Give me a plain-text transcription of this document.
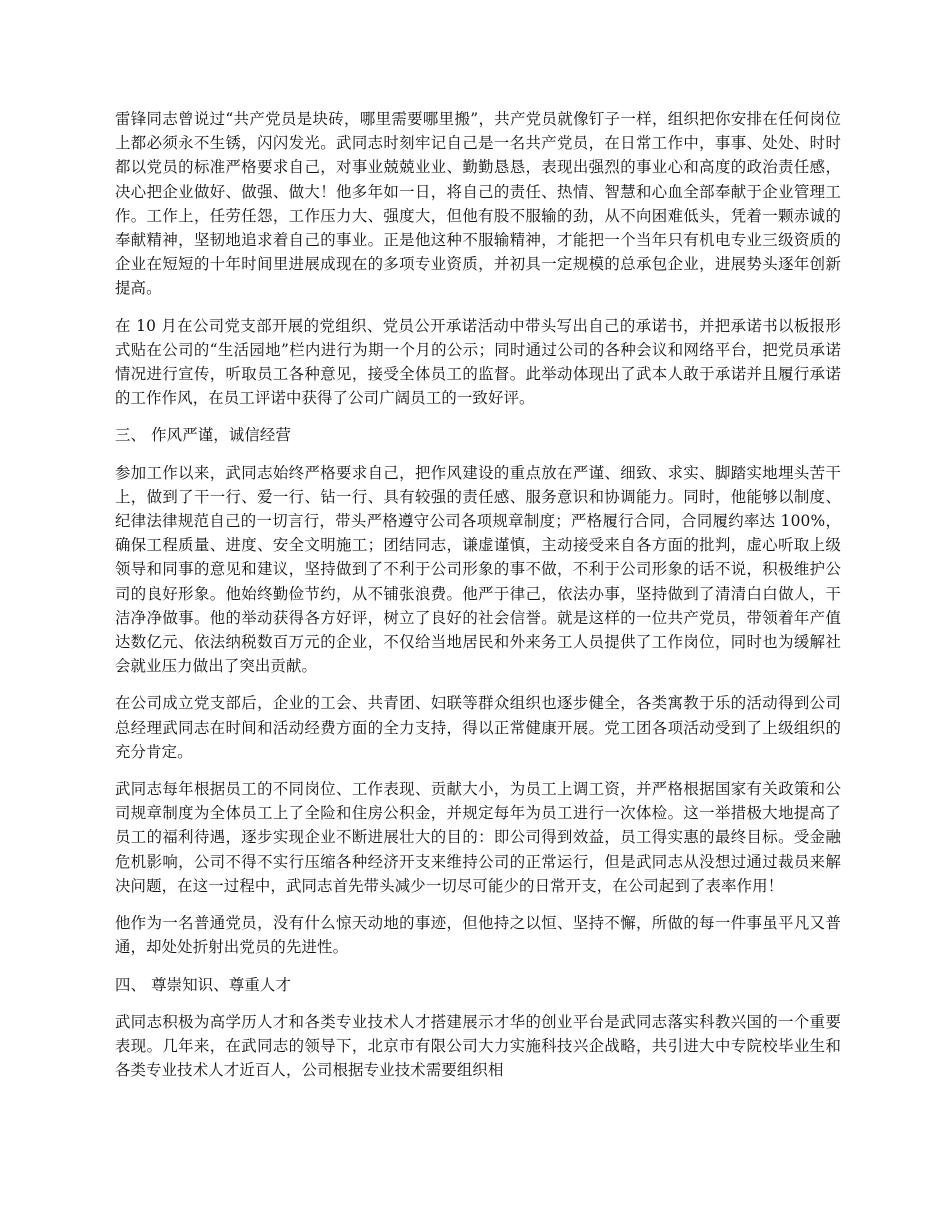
雷锋同志曾说过“共产党员是块砖，哪里需要哪里搬”，共产党员就像钉子一样，组织把你安排在任何岗位上都必须永不生锈，闪闪发光。武同志时刻牢记自己是一名共产党员，在日常工作中，事事、处处、时时都以党员的标准严格要求自己，对事业兢兢业业、勤勤恳恳，表现出强烈的事业心和高度的政治责任感，决心把企业做好、做强、做大！他多年如一日，将自己的责任、热情、智慧和心血全部奉献于企业管理工作。工作上，任劳任怨，工作压力大、强度大，但他有股不服输的劲，从不向困难低头，凭着一颗赤诚的奉献精神，坚韧地追求着自己的事业。正是他这种不服输精神，才能把一个当年只有机电专业三级资质的企业在短短的十年时间里进展成现在的多项专业资质，并初具一定规模的总承包企业，进展势头逐年创新提高。

在 10 月在公司党支部开展的党组织、党员公开承诺活动中带头写出自己的承诺书，并把承诺书以板报形式贴在公司的“生活园地”栏内进行为期一个月的公示；同时通过公司的各种会议和网络平台，把党员承诺情况进行宣传，听取员工各种意见，接受全体员工的监督。此举动体现出了武本人敢于承诺并且履行承诺的工作作风，在员工评诺中获得了公司广阔员工的一致好评。

三、 作风严谨，诚信经营

参加工作以来，武同志始终严格要求自己，把作风建设的重点放在严谨、细致、求实、脚踏实地埋头苦干上，做到了干一行、爱一行、钻一行、具有较强的责任感、服务意识和协调能力。同时，他能够以制度、纪律法律规范自己的一切言行，带头严格遵守公司各项规章制度；严格履行合同，合同履约率达 100%，确保工程质量、进度、安全文明施工；团结同志，谦虚谨慎，主动接受来自各方面的批判，虚心听取上级领导和同事的意见和建议，坚持做到了不利于公司形象的事不做，不利于公司形象的话不说，积极维护公司的良好形象。他始终勤俭节约，从不铺张浪费。他严于律己，依法办事，坚持做到了清清白白做人，干洁净净做事。他的举动获得各方好评，树立了良好的社会信誉。就是这样的一位共产党员，带领着年产值达数亿元、依法纳税数百万元的企业，不仅给当地居民和外来务工人员提供了工作岗位，同时也为缓解社会就业压力做出了突出贡献。

在公司成立党支部后，企业的工会、共青团、妇联等群众组织也逐步健全，各类寓教于乐的活动得到公司总经理武同志在时间和活动经费方面的全力支持，得以正常健康开展。党工团各项活动受到了上级组织的充分肯定。

武同志每年根据员工的不同岗位、工作表现、贡献大小，为员工上调工资，并严格根据国家有关政策和公司规章制度为全体员工上了全险和住房公积金，并规定每年为员工进行一次体检。这一举措极大地提高了员工的福利待遇，逐步实现企业不断进展壮大的目的：即公司得到效益，员工得实惠的最终目标。受金融危机影响，公司不得不实行压缩各种经济开支来维持公司的正常运行，但是武同志从没想过通过裁员来解决问题，在这一过程中，武同志首先带头减少一切尽可能少的日常开支，在公司起到了表率作用！

他作为一名普通党员，没有什么惊天动地的事迹，但他持之以恒、坚持不懈，所做的每一件事虽平凡又普通，却处处折射出党员的先进性。

四、 尊崇知识、尊重人才

武同志积极为高学历人才和各类专业技术人才搭建展示才华的创业平台是武同志落实科教兴国的一个重要表现。几年来，在武同志的领导下，北京市有限公司大力实施科技兴企战略，共引进大中专院校毕业生和各类专业技术人才近百人，公司根据专业技术需要组织相
